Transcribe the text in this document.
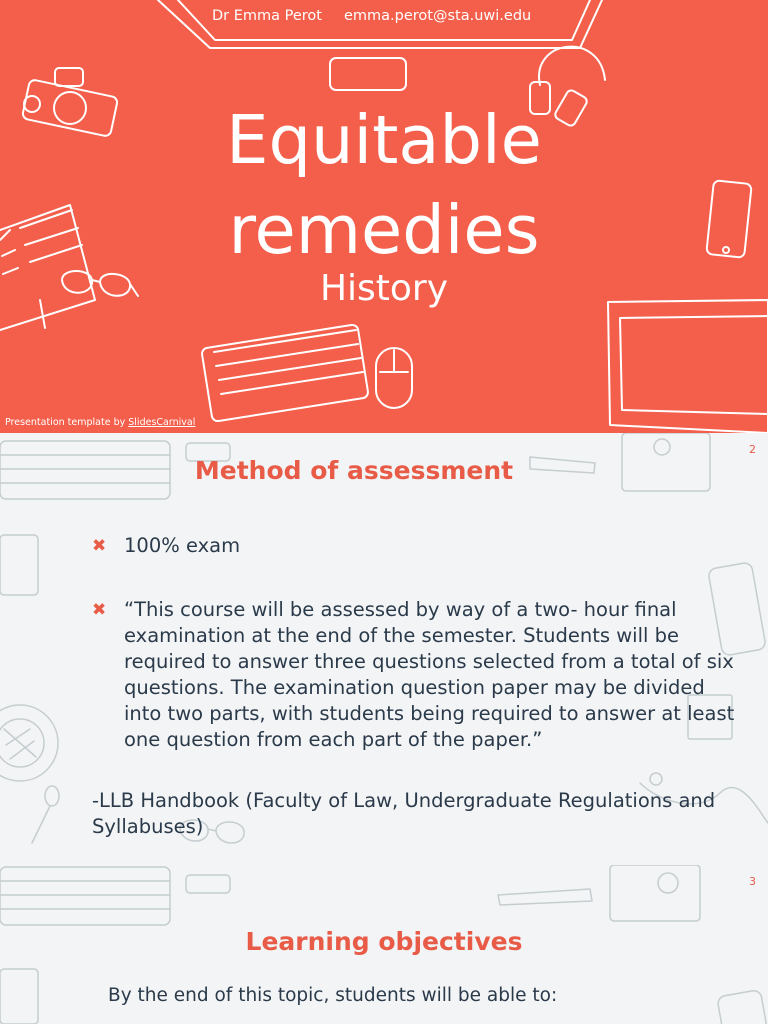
Dr Emma Perot emma.perot@sta.uwi.edu

Equitable

remedies

History

Presentation template by SlidesCarnival

2

Method of assessment
✖ 100% exam
✖ “This course will be assessed by way of a two- hour final examination at the end of the semester. Students will be required to answer three questions selected from a total of six questions. The examination question paper may be divided into two parts, with students being required to answer at least one question from each part of the paper.”

-LLB Handbook (Faculty of Law, Undergraduate Regulations and Syllabuses)

3

Learning objectives

By the end of this topic, students will be able to:
